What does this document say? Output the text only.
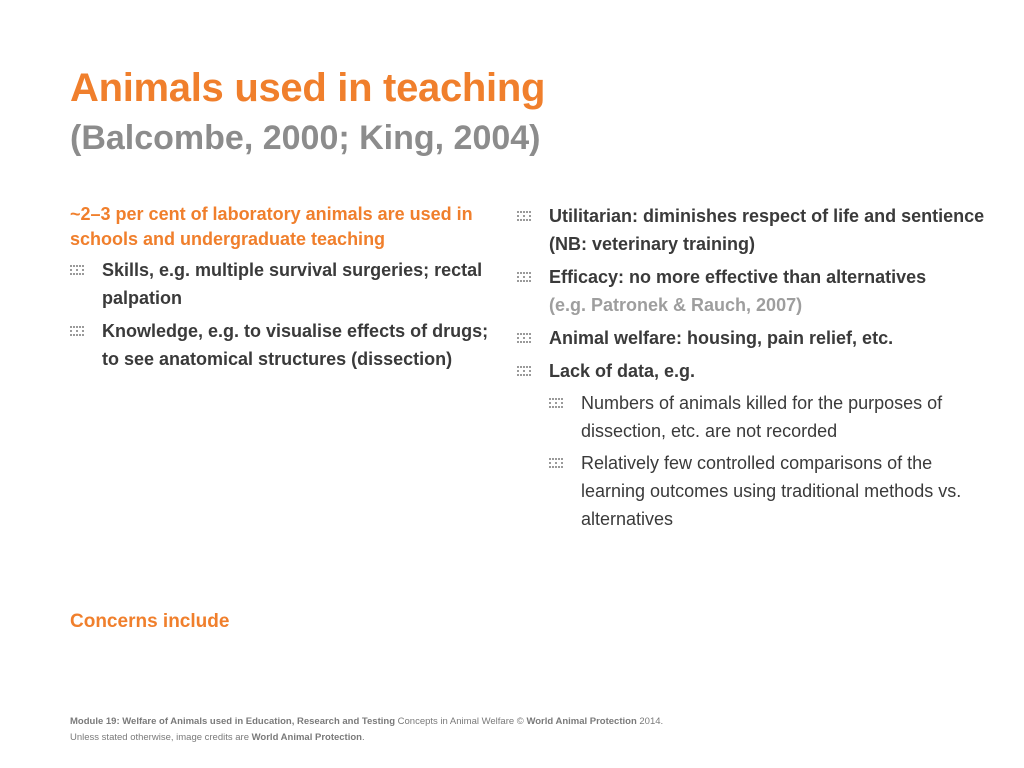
Animals used in teaching
(Balcombe, 2000; King, 2004)

~2–3 per cent of laboratory animals are used in schools and undergraduate teaching

Skills, e.g. multiple survival surgeries; rectal palpation
Knowledge, e.g. to visualise effects of drugs; to see anatomical structures (dissection)
Utilitarian: diminishes respect of life and sentience (NB: veterinary training)
Efficacy: no more effective than alternatives
(e.g. Patronek & Rauch, 2007)
Animal welfare: housing, pain relief, etc.
Lack of data, e.g.
Numbers of animals killed for the purposes of dissection, etc. are not recorded
Relatively few controlled comparisons of the learning outcomes using traditional methods vs. alternatives

Concerns include

Module 19: Welfare of Animals used in Education, Research and Testing Concepts in Animal Welfare © World Animal Protection 2014.
Unless stated otherwise, image credits are World Animal Protection.
